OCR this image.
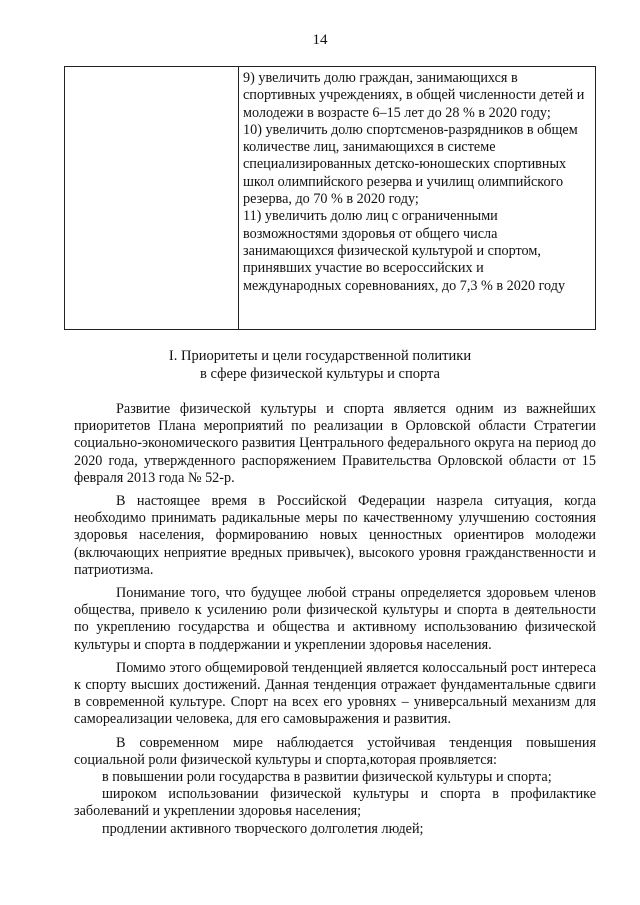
14

9) увеличить долю граждан, занимающихся в спортивных учреждениях, в общей численности детей и молодежи в возрасте 6–15 лет до 28 % в 2020 году;

10) увеличить долю спортсменов-разрядников в общем количестве лиц, занимающихся в системе специализированных детско-юношеских спортивных школ олимпийского резерва и училищ олимпийского резерва, до 70 % в 2020 году;

11) увеличить долю лиц с ограниченными возможностями здоровья от общего числа занимающихся физической культурой и спортом, принявших участие во всероссийских и международных соревнованиях, до 7,3 % в 2020 году

I. Приоритеты и цели государственной политики
в сфере физической культуры и спорта

Развитие физической культуры и спорта является одним из важнейших приоритетов Плана мероприятий по реализации в Орловской области Стратегии социально-экономического развития Центрального федерального округа на период до 2020 года, утвержденного распоряжением Правительства Орловской области от 15 февраля 2013 года № 52-р.

В настоящее время в Российской Федерации назрела ситуация, когда необходимо принимать радикальные меры по качественному улучшению состояния здоровья населения, формированию новых ценностных ориентиров молодежи (включающих неприятие вредных привычек), высокого уровня гражданственности и патриотизма.

Понимание того, что будущее любой страны определяется здоровьем членов общества, привело к усилению роли физической культуры и спорта в деятельности по укреплению государства и общества и активному использованию физической культуры и спорта в поддержании и укреплении здоровья населения.

Помимо этого общемировой тенденцией является колоссальный рост интереса к спорту высших достижений. Данная тенденция отражает фундаментальные сдвиги в современной культуре. Спорт на всех его уровнях – универсальный механизм для самореализации человека, для его самовыражения и развития.

В современном мире наблюдается устойчивая тенденция повышения социальной роли физической культуры и спорта,которая проявляется:

в повышении роли государства в развитии физической культуры и спорта;

широком использовании физической культуры и спорта в профилактике заболеваний и укреплении здоровья населения;

продлении активного творческого долголетия людей;
